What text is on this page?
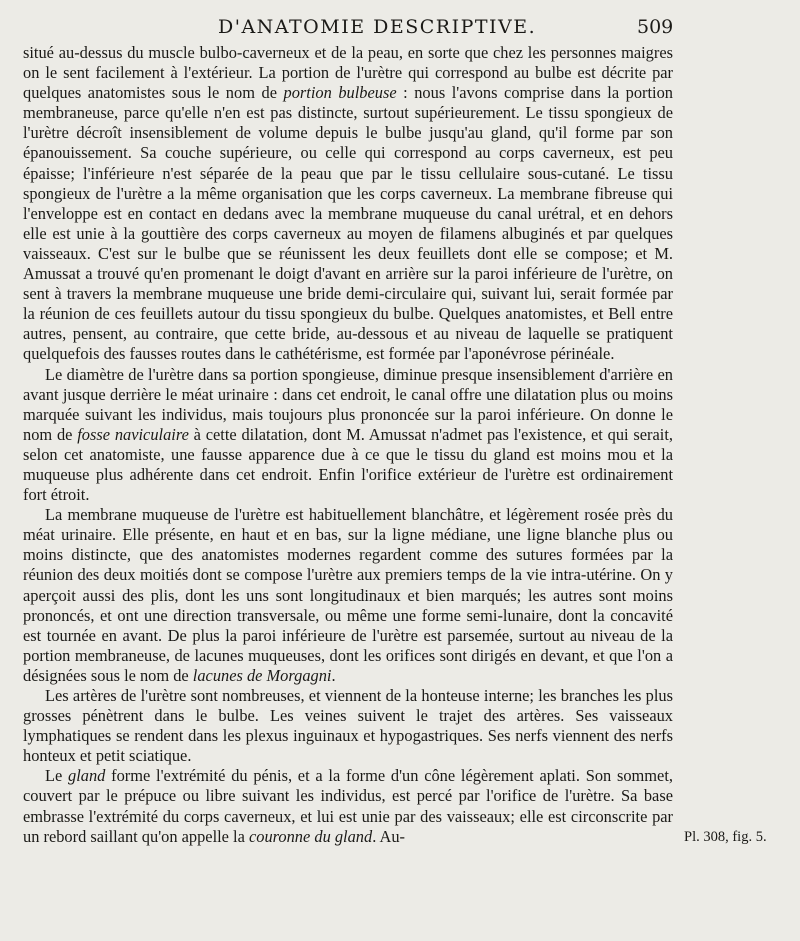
D'ANATOMIE DESCRIPTIVE.	509

situé au-dessus du muscle bulbo-caverneux et de la peau, en sorte que chez les personnes maigres on le sent facilement à l'extérieur. La portion de l'urètre qui correspond au bulbe est décrite par quelques anatomistes sous le nom de portion bulbeuse : nous l'avons comprise dans la portion membraneuse, parce qu'elle n'en est pas distincte, surtout supérieurement. Le tissu spongieux de l'urètre décroît insensiblement de volume depuis le bulbe jusqu'au gland, qu'il forme par son épanouissement. Sa couche supérieure, ou celle qui correspond au corps caverneux, est peu épaisse; l'inférieure n'est séparée de la peau que par le tissu cellulaire sous-cutané. Le tissu spongieux de l'urètre a la même organisation que les corps caverneux. La membrane fibreuse qui l'enveloppe est en contact en dedans avec la membrane muqueuse du canal urétral, et en dehors elle est unie à la gouttière des corps caverneux au moyen de filamens albuginés et par quelques vaisseaux. C'est sur le bulbe que se réunissent les deux feuillets dont elle se compose; et M. Amussat a trouvé qu'en promenant le doigt d'avant en arrière sur la paroi inférieure de l'urètre, on sent à travers la membrane muqueuse une bride demi-circulaire qui, suivant lui, serait formée par la réunion de ces feuillets autour du tissu spongieux du bulbe. Quelques anatomistes, et Bell entre autres, pensent, au contraire, que cette bride, au-dessous et au niveau de laquelle se pratiquent quelquefois des fausses routes dans le cathétérisme, est formée par l'aponévrose périnéale.

Le diamètre de l'urètre dans sa portion spongieuse, diminue presque insensiblement d'arrière en avant jusque derrière le méat urinaire : dans cet endroit, le canal offre une dilatation plus ou moins marquée suivant les individus, mais toujours plus prononcée sur la paroi inférieure. On donne le nom de fosse naviculaire à cette dilatation, dont M. Amussat n'admet pas l'existence, et qui serait, selon cet anatomiste, une fausse apparence due à ce que le tissu du gland est moins mou et la muqueuse plus adhérente dans cet endroit. Enfin l'orifice extérieur de l'urètre est ordinairement fort étroit.

La membrane muqueuse de l'urètre est habituellement blanchâtre, et légèrement rosée près du méat urinaire. Elle présente, en haut et en bas, sur la ligne médiane, une ligne blanche plus ou moins distincte, que des anatomistes modernes regardent comme des sutures formées par la réunion des deux moitiés dont se compose l'urètre aux premiers temps de la vie intra-utérine. On y aperçoit aussi des plis, dont les uns sont longitudinaux et bien marqués; les autres sont moins prononcés, et ont une direction transversale, ou même une forme semi-lunaire, dont la concavité est tournée en avant. De plus la paroi inférieure de l'urètre est parsemée, surtout au niveau de la portion membraneuse, de lacunes muqueuses, dont les orifices sont dirigés en devant, et que l'on a désignées sous le nom de lacunes de Morgagni.

Les artères de l'urètre sont nombreuses, et viennent de la honteuse interne; les branches les plus grosses pénètrent dans le bulbe. Les veines suivent le trajet des artères. Ses vaisseaux lymphatiques se rendent dans les plexus inguinaux et hypogastriques. Ses nerfs viennent des nerfs honteux et petit sciatique.

Le gland forme l'extrémité du pénis, et a la forme d'un cône légèrement aplati. Son sommet, couvert par le prépuce ou libre suivant les individus, est percé par l'orifice de l'urètre. Sa base embrasse l'extrémité du corps caverneux, et lui est unie par des vaisseaux; elle est circonscrite par un rebord saillant qu'on appelle la couronne du gland. Au-	Pl. 308, fig. 5.
